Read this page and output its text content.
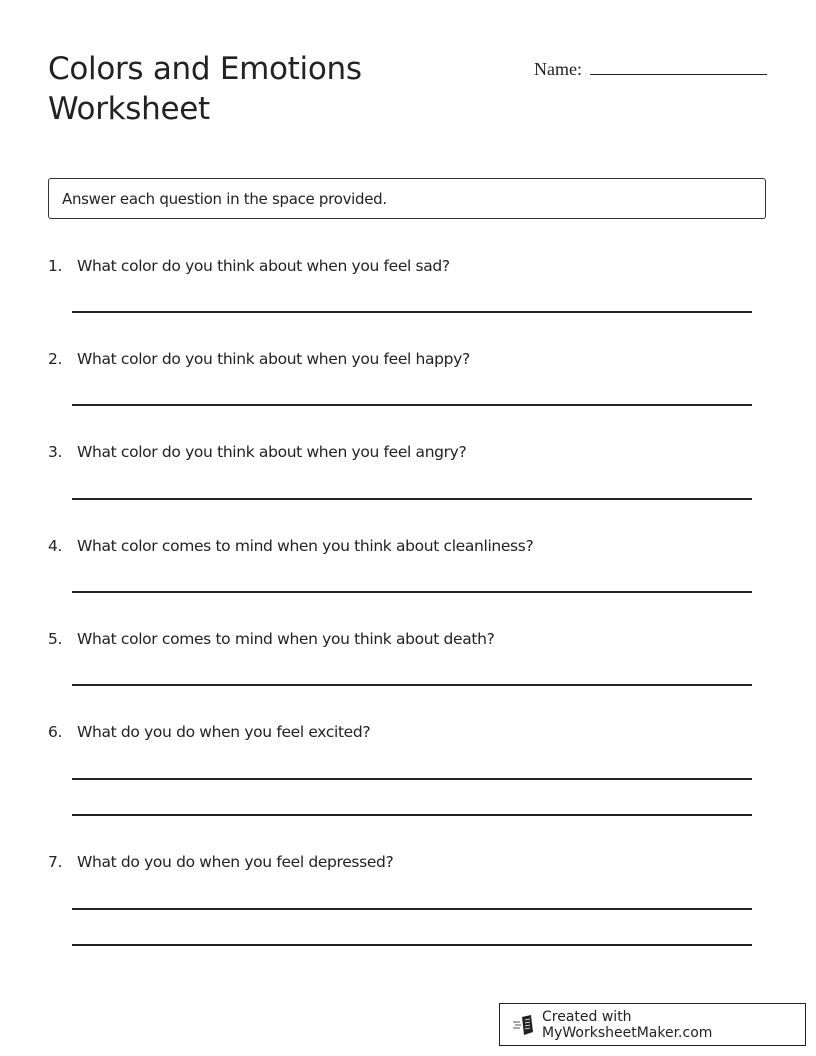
Colors and Emotions
Worksheet
Name:
Answer each question in the space provided.
1. What color do you think about when you feel sad?
2. What color do you think about when you feel happy?
3. What color do you think about when you feel angry?
4. What color comes to mind when you think about cleanliness?
5. What color comes to mind when you think about death?
6. What do you do when you feel excited?
7. What do you do when you feel depressed?
Created with MyWorksheetMaker.com
